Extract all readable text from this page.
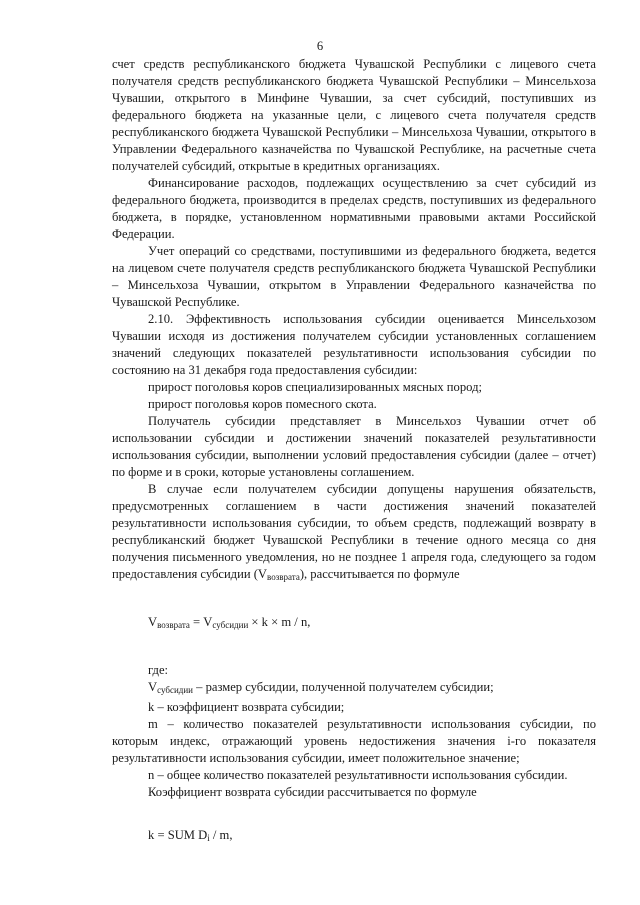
6

счет средств республиканского бюджета Чувашской Республики с лицевого счета получателя средств республиканского бюджета Чувашской Республики – Минсельхоза Чувашии, открытого в Минфине Чувашии, за счет субсидий, поступивших из федерального бюджета на указанные цели, с лицевого счета получателя средств республиканского бюджета Чувашской Республики – Минсельхоза Чувашии, открытого в Управлении Федерального казначейства по Чувашской Республике, на расчетные счета получателей субсидий, открытые в кредитных организациях.

Финансирование расходов, подлежащих осуществлению за счет субсидий из федерального бюджета, производится в пределах средств, поступивших из федерального бюджета, в порядке, установленном нормативными правовыми актами Российской Федерации.

Учет операций со средствами, поступившими из федерального бюджета, ведется на лицевом счете получателя средств республиканского бюджета Чувашской Республики – Минсельхоза Чувашии, открытом в Управлении Федерального казначейства по Чувашской Республике.

2.10. Эффективность использования субсидии оценивается Минсельхозом Чувашии исходя из достижения получателем субсидии установленных соглашением значений следующих показателей результативности использования субсидии по состоянию на 31 декабря года предоставления субсидии:

прирост поголовья коров специализированных мясных пород;

прирост поголовья коров помесного скота.

Получатель субсидии представляет в Минсельхоз Чувашии отчет об использовании субсидии и достижении значений показателей результативности использования субсидии, выполнении условий предоставления субсидии (далее – отчет) по форме и в сроки, которые установлены соглашением.

В случае если получателем субсидии допущены нарушения обязательств, предусмотренных соглашением в части достижения значений показателей результативности использования субсидии, то объем средств, подлежащий возврату в республиканский бюджет Чувашской Республики в течение одного месяца со дня получения письменного уведомления, но не позднее 1 апреля года, следующего за годом предоставления субсидии $(V_{возврата})$, рассчитывается по формуле

$V_{возврата} = V_{субсидии} \times k \times m / n$,

где:

$V_{субсидии}$ – размер субсидии, полученной получателем субсидии;

k – коэффициент возврата субсидии;

m – количество показателей результативности использования субсидии, по которым индекс, отражающий уровень недостижения значения i-го показателя результативности использования субсидии, имеет положительное значение;

n – общее количество показателей результативности использования субсидии.

Коэффициент возврата субсидии рассчитывается по формуле

k = SUM $D_i$ / m,
